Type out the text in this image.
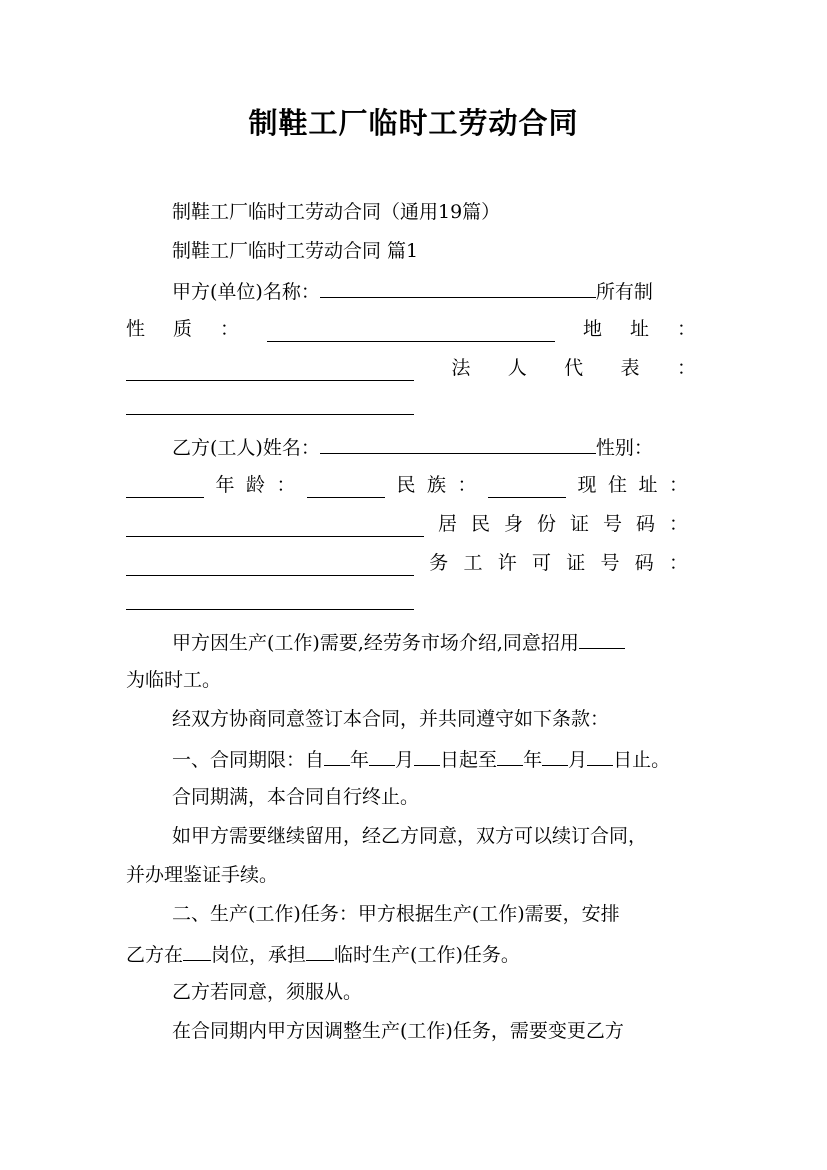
制鞋工厂临时工劳动合同
制鞋工厂临时工劳动合同（通用19篇）
制鞋工厂临时工劳动合同 篇1
甲方(单位)名称：	所有制
性 质 ：	地 址 ：
法 人 代 表 ：
乙方(工人)姓名：	性别：
年 龄 ：	民 族 ：	现 住 址 ：
居 民 身 份 证 号 码 ：
务 工 许 可 证 号 码 ：
甲方因生产(工作)需要,经劳务市场介绍,同意招用
为临时工。
经双方协商同意签订本合同，并共同遵守如下条款：
一、合同期限：自 年 月 日起至 年 月 日止。
合同期满，本合同自行终止。
如甲方需要继续留用，经乙方同意，双方可以续订合同，
并办理鉴证手续。
二、生产(工作)任务：甲方根据生产(工作)需要，安排
乙方在 岗位，承担 临时生产(工作)任务。
乙方若同意，须服从。
在合同期内甲方因调整生产(工作)任务，需要变更乙方
